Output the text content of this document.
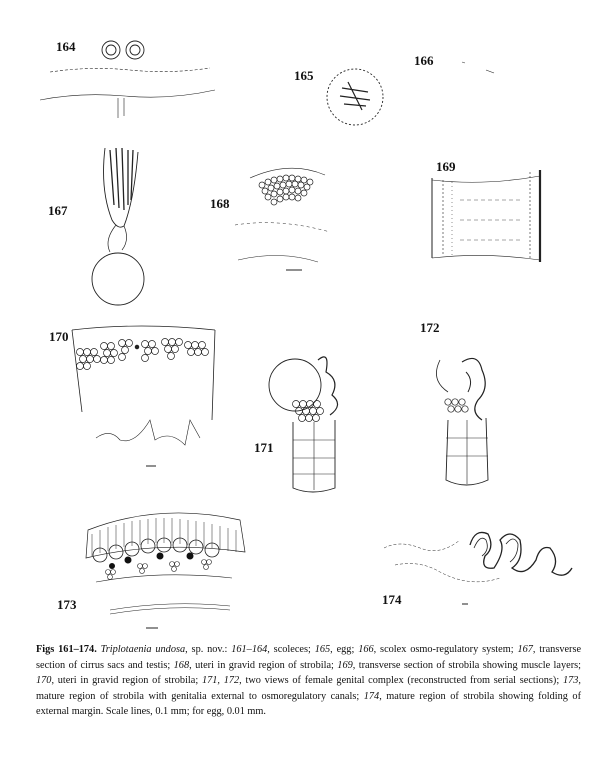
164
165
166
167	168
169
170
171
172
173	174
Figs 161–174. Triplotaenia undosa, sp. nov.: 161–164, scoleces; 165, egg; 166, scolex osmo-regulatory system; 167, transverse section of cirrus sacs and testis; 168, uteri in gravid region of strobila; 169, transverse section of strobila showing muscle layers; 170, uteri in gravid region of strobila; 171, 172, two views of female genital complex (reconstructed from serial sections); 173, mature region of strobila with genitalia external to osmoregulatory canals; 174, mature region of strobila showing folding of external margin. Scale lines, 0.1 mm; for egg, 0.01 mm.
